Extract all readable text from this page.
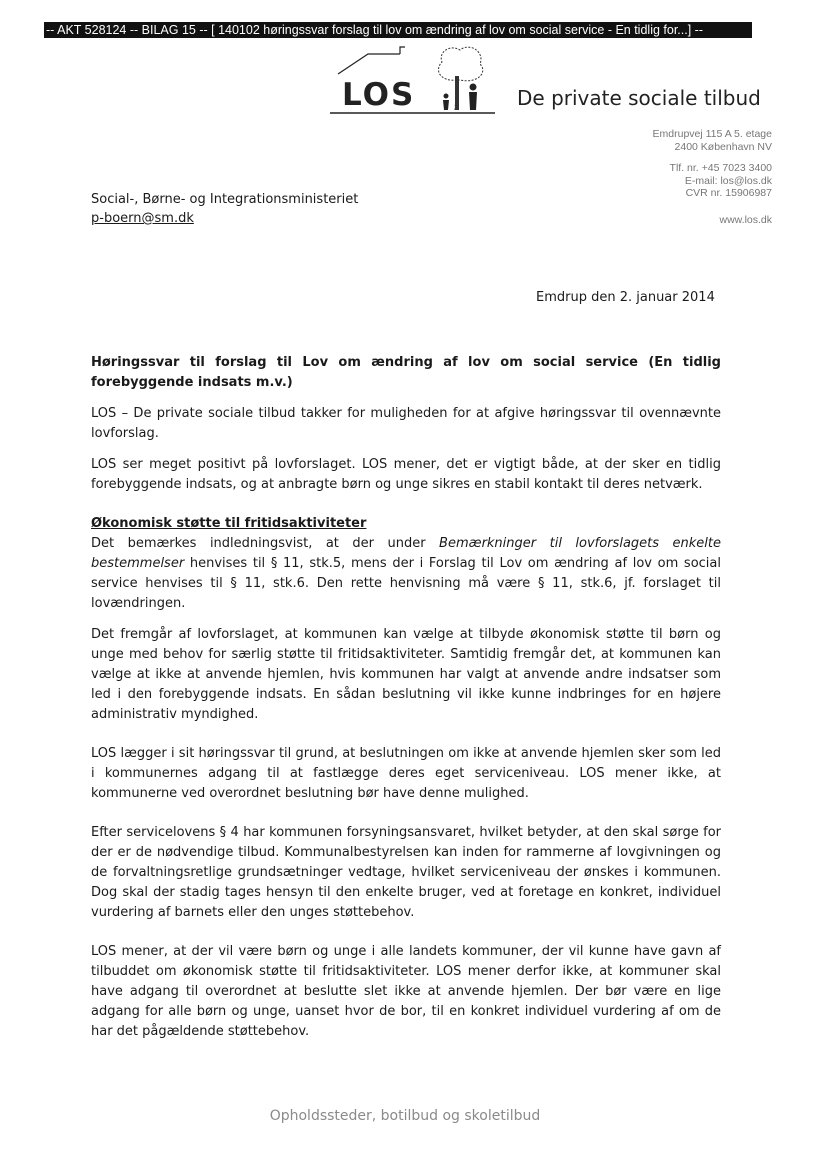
-- AKT 528124 -- BILAG 15 -- [ 140102 høringssvar forslag til lov om ændring af lov om social service - En tidlig for...] --
LOS	De private sociale tilbud
Emdrupvej 115 A 5. etage
2400 København NV
Tlf. nr. +45 7023 3400
E-mail: los@los.dk
CVR nr. 15906987
www.los.dk
Social-, Børne- og Integrationsministeriet
p-boern@sm.dk
Emdrup den 2. januar 2014

Høringssvar til forslag til Lov om ændring af lov om social service (En tidlig forebyggende indsats m.v.)

LOS – De private sociale tilbud takker for muligheden for at afgive høringssvar til ovennævnte lovforslag.

LOS ser meget positivt på lovforslaget. LOS mener, det er vigtigt både, at der sker en tidlig forebyggende indsats, og at anbragte børn og unge sikres en stabil kontakt til deres netværk.

Økonomisk støtte til fritidsaktiviteter

Det bemærkes indledningsvist, at der under Bemærkninger til lovforslagets enkelte bestemmelser henvises til § 11, stk.5, mens der i Forslag til Lov om ændring af lov om social service henvises til § 11, stk.6. Den rette henvisning må være § 11, stk.6, jf. forslaget til lovændringen.

Det fremgår af lovforslaget, at kommunen kan vælge at tilbyde økonomisk støtte til børn og unge med behov for særlig støtte til fritidsaktiviteter. Samtidig fremgår det, at kommunen kan vælge at ikke at anvende hjemlen, hvis kommunen har valgt at anvende andre indsatser som led i den forebyggende indsats. En sådan beslutning vil ikke kunne indbringes for en højere administrativ myndighed.

LOS lægger i sit høringssvar til grund, at beslutningen om ikke at anvende hjemlen sker som led i kommunernes adgang til at fastlægge deres eget serviceniveau. LOS mener ikke, at kommunerne ved overordnet beslutning bør have denne mulighed.

Efter servicelovens § 4 har kommunen forsyningsansvaret, hvilket betyder, at den skal sørge for der er de nødvendige tilbud. Kommunalbestyrelsen kan inden for rammerne af lovgivningen og de forvaltningsretlige grundsætninger vedtage, hvilket serviceniveau der ønskes i kommunen. Dog skal der stadig tages hensyn til den enkelte bruger, ved at foretage en konkret, individuel vurdering af barnets eller den unges støttebehov.

LOS mener, at der vil være børn og unge i alle landets kommuner, der vil kunne have gavn af tilbuddet om økonomisk støtte til fritidsaktiviteter. LOS mener derfor ikke, at kommuner skal have adgang til overordnet at beslutte slet ikke at anvende hjemlen. Der bør være en lige adgang for alle børn og unge, uanset hvor de bor, til en konkret individuel vurdering af om de har det pågældende støttebehov.

Opholdssteder, botilbud og skoletilbud
